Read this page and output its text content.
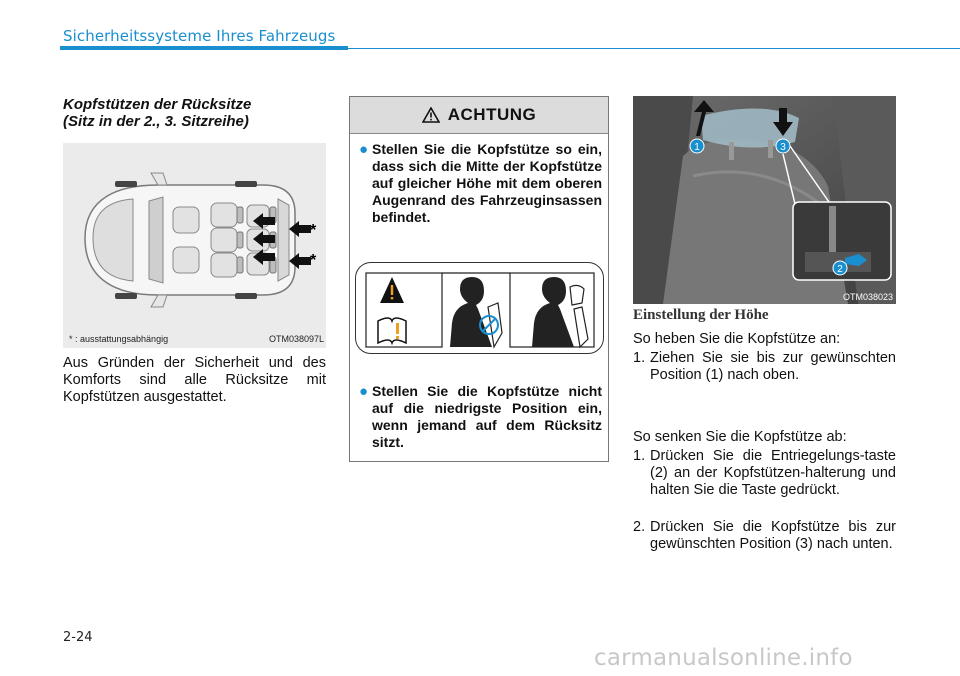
Sicherheitssysteme Ihres Fahrzeugs
Kopfstützen der Rücksitze
(Sitz in der 2., 3. Sitzreihe)
*
*
* : ausstattungsabhängig	OTM038097L
Aus Gründen der Sicherheit und des Komforts sind alle Rücksitze mit Kopfstützen ausgestattet.
ACHTUNG
● Stellen Sie die Kopfstütze so ein, dass sich die Mitte der Kopfstütze auf gleicher Höhe mit dem oberen Augenrand des Fahrzeuginsassen befindet.
● Stellen Sie die Kopfstütze nicht auf die niedrigste Position ein, wenn jemand auf dem Rücksitz sitzt.
1	3
2
OTM038023
Einstellung der Höhe
So heben Sie die Kopfstütze an:
1. Ziehen Sie sie bis zur gewünschten Position (1) nach oben.
So senken Sie die Kopfstütze ab:
1. Drücken Sie die Entriegelungs-taste (2) an der Kopfstützen-halterung und halten Sie die Taste gedrückt.
2. Drücken Sie die Kopfstütze bis zur gewünschten Position (3) nach unten.
2-24
carmanualsonline.info
